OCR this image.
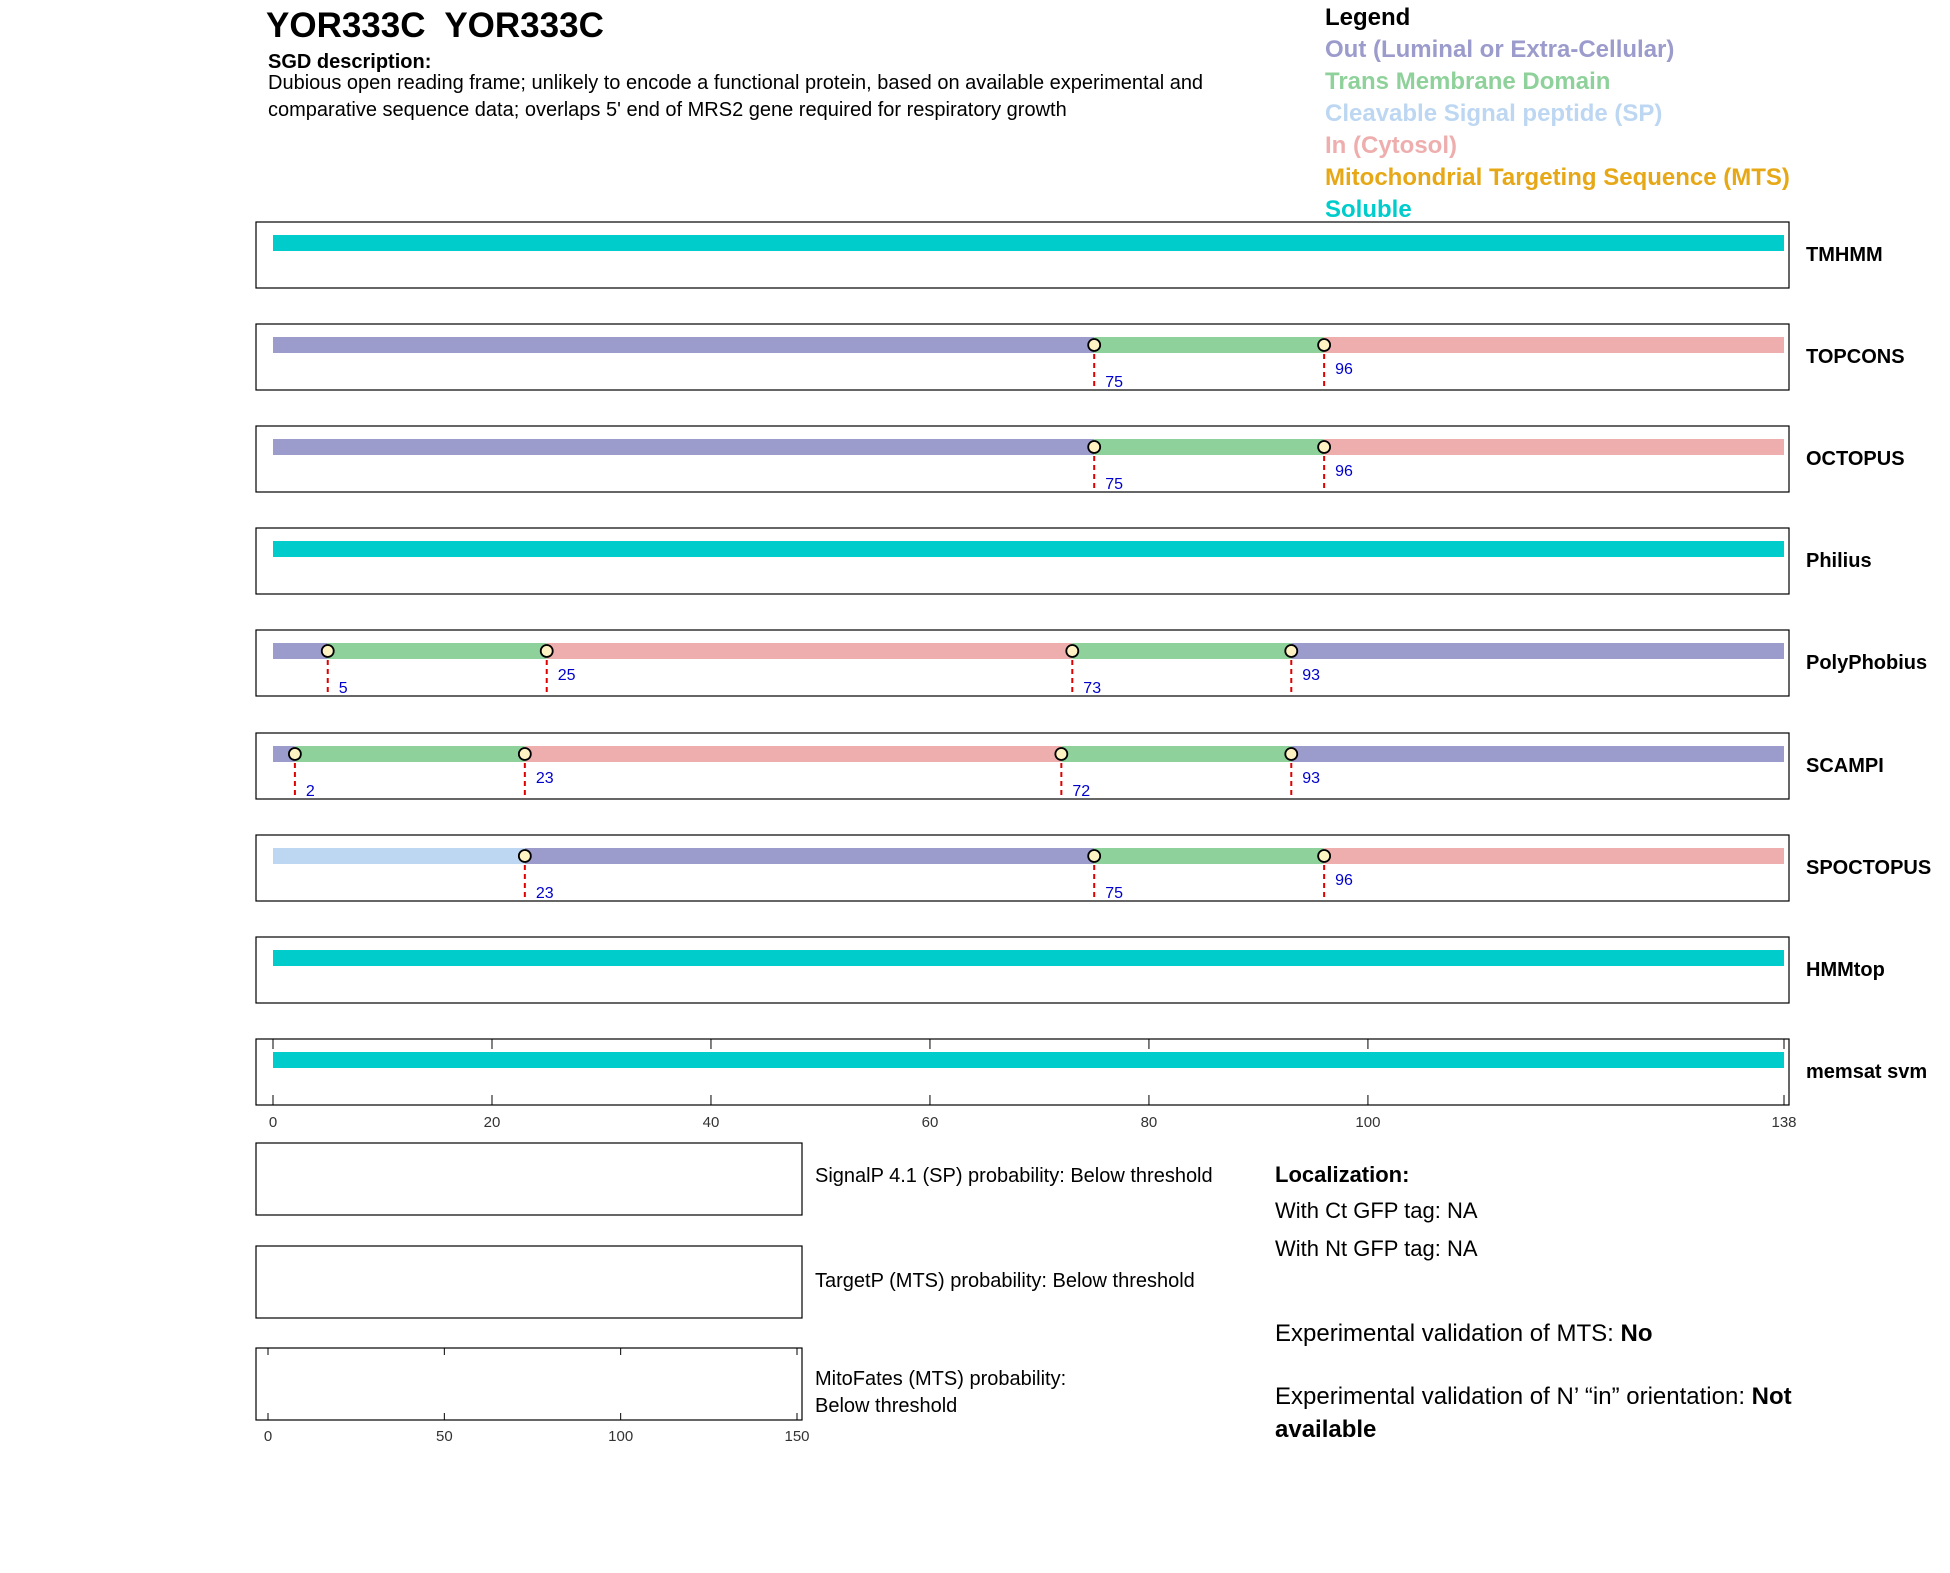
YOR333C  YOR333C
SGD description:
Dubious open reading frame; unlikely to encode a functional protein, based on available experimental and comparative sequence data; overlaps 5' end of MRS2 gene required for respiratory growth
Legend
Out (Luminal or Extra-Cellular)
Trans Membrane Domain
Cleavable Signal peptide (SP)
In (Cytosol)
Mitochondrial Targeting Sequence (MTS)
Soluble
TMHMM
75
96
TOPCONS
75
96
OCTOPUS
Philius
5
25
73
93
PolyPhobius
2
23
72
93
SCAMPI
23	75
96
SPOCTOPUS
HMMtop
0	20	40	60	80	100	138
memsat svm
0	50	100	150
SignalP 4.1 (SP) probability: Below threshold
TargetP (MTS) probability: Below threshold
MitoFates (MTS) probability: Below threshold
Localization:
With Ct GFP tag: NA
With Nt GFP tag: NA
Experimental validation of MTS: No
Experimental validation of N’ “in” orientation: Not available
